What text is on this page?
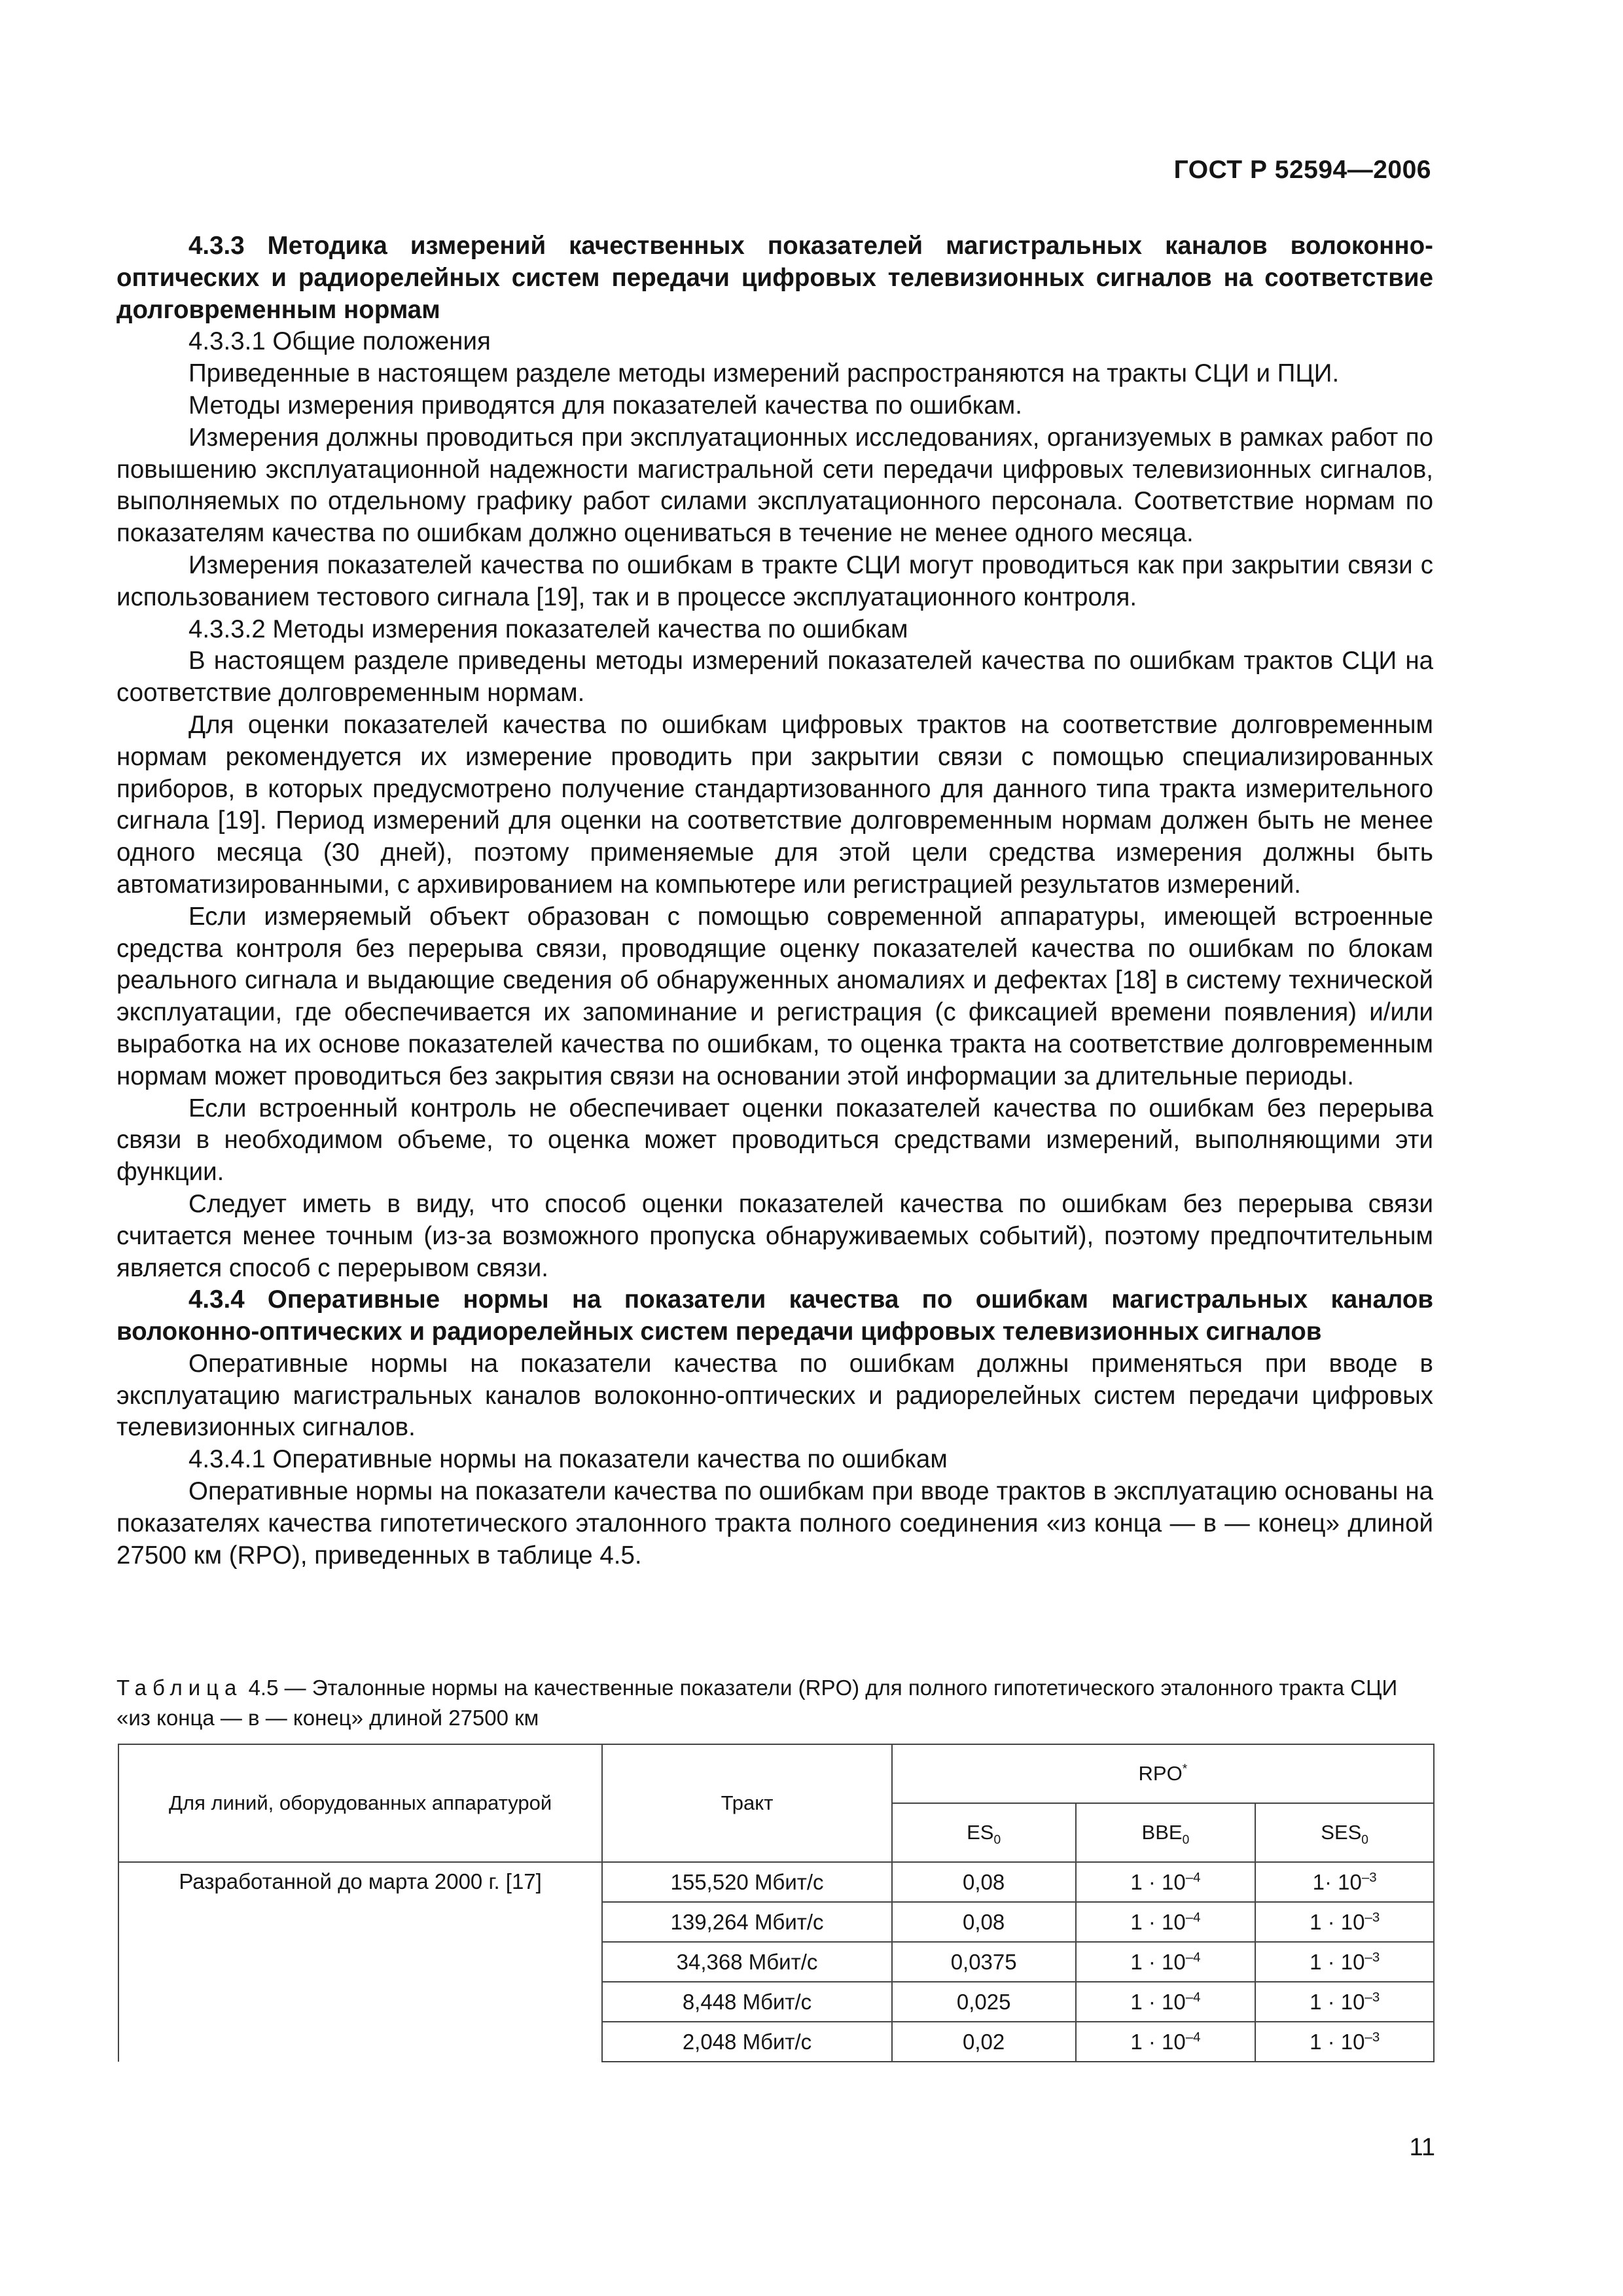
ГОСТ Р 52594—2006

4.3.3 Методика измерений качественных показателей магистральных каналов волоконно-оптических и радиорелейных систем передачи цифровых телевизионных сигналов на соответствие долговременным нормам

4.3.3.1 Общие положения

Приведенные в настоящем разделе методы измерений распространяются на тракты СЦИ и ПЦИ.

Методы измерения приводятся для показателей качества по ошибкам.

Измерения должны проводиться при эксплуатационных исследованиях, организуемых в рамках работ по повышению эксплуатационной надежности магистральной сети передачи цифровых телевизионных сигналов, выполняемых по отдельному графику работ силами эксплуатационного персонала. Соответствие нормам по показателям качества по ошибкам должно оцениваться в течение не менее одного месяца.

Измерения показателей качества по ошибкам в тракте СЦИ могут проводиться как при закрытии связи с использованием тестового сигнала [19], так и в процессе эксплуатационного контроля.

4.3.3.2 Методы измерения показателей качества по ошибкам

В настоящем разделе приведены методы измерений показателей качества по ошибкам трактов СЦИ на соответствие долговременным нормам.

Для оценки показателей качества по ошибкам цифровых трактов на соответствие долговременным нормам рекомендуется их измерение проводить при закрытии связи с помощью специализированных приборов, в которых предусмотрено получение стандартизованного для данного типа тракта измерительного сигнала [19]. Период измерений для оценки на соответствие долговременным нормам должен быть не менее одного месяца (30 дней), поэтому применяемые для этой цели средства измерения должны быть автоматизированными, с архивированием на компьютере или регистрацией результатов измерений.

Если измеряемый объект образован с помощью современной аппаратуры, имеющей встроенные средства контроля без перерыва связи, проводящие оценку показателей качества по ошибкам по блокам реального сигнала и выдающие сведения об обнаруженных аномалиях и дефектах [18] в систему технической эксплуатации, где обеспечивается их запоминание и регистрация (с фиксацией времени появления) и/или выработка на их основе показателей качества по ошибкам, то оценка тракта на соответствие долговременным нормам может проводиться без закрытия связи на основании этой информации за длительные периоды.

Если встроенный контроль не обеспечивает оценки показателей качества по ошибкам без перерыва связи в необходимом объеме, то оценка может проводиться средствами измерений, выполняющими эти функции.

Следует иметь в виду, что способ оценки показателей качества по ошибкам без перерыва связи считается менее точным (из-за возможного пропуска обнаруживаемых событий), поэтому предпочтительным является способ с перерывом связи.

4.3.4 Оперативные нормы на показатели качества по ошибкам магистральных каналов волоконно-оптических и радиорелейных систем передачи цифровых телевизионных сигналов

Оперативные нормы на показатели качества по ошибкам должны применяться при вводе в эксплуатацию магистральных каналов волоконно-оптических и радиорелейных систем передачи цифровых телевизионных сигналов.

4.3.4.1 Оперативные нормы на показатели качества по ошибкам

Оперативные нормы на показатели качества по ошибкам при вводе трактов в эксплуатацию основаны на показателях качества гипотетического эталонного тракта полного соединения «из конца — в — конец» длиной 27500 км (RPO), приведенных в таблице 4.5.

Таблица 4.5 — Эталонные нормы на качественные показатели (RPO) для полного гипотетического эталонного тракта СЦИ «из конца — в — конец» длиной 27500 км
Для линий, оборудованных аппаратурой	Тракт	RPO*
		$ES_0$	$BBE_0$	$SES_0$
Разработанной до марта 2000 г. [17]	155,520 Мбит/с	0,08	$1 \cdot 10^{-4}$	$1\cdot 10^{-3}$
	139,264 Мбит/с	0,08	$1 \cdot 10^{-4}$	$1 \cdot 10^{-3}$
	34,368 Мбит/с	0,0375	$1 \cdot 10^{-4}$	$1 \cdot 10^{-3}$
	8,448 Мбит/с	0,025	$1 \cdot 10^{-4}$	$1 \cdot 10^{-3}$
	2,048 Мбит/с	0,02	$1 \cdot 10^{-4}$	$1 \cdot 10^{-3}$
11
